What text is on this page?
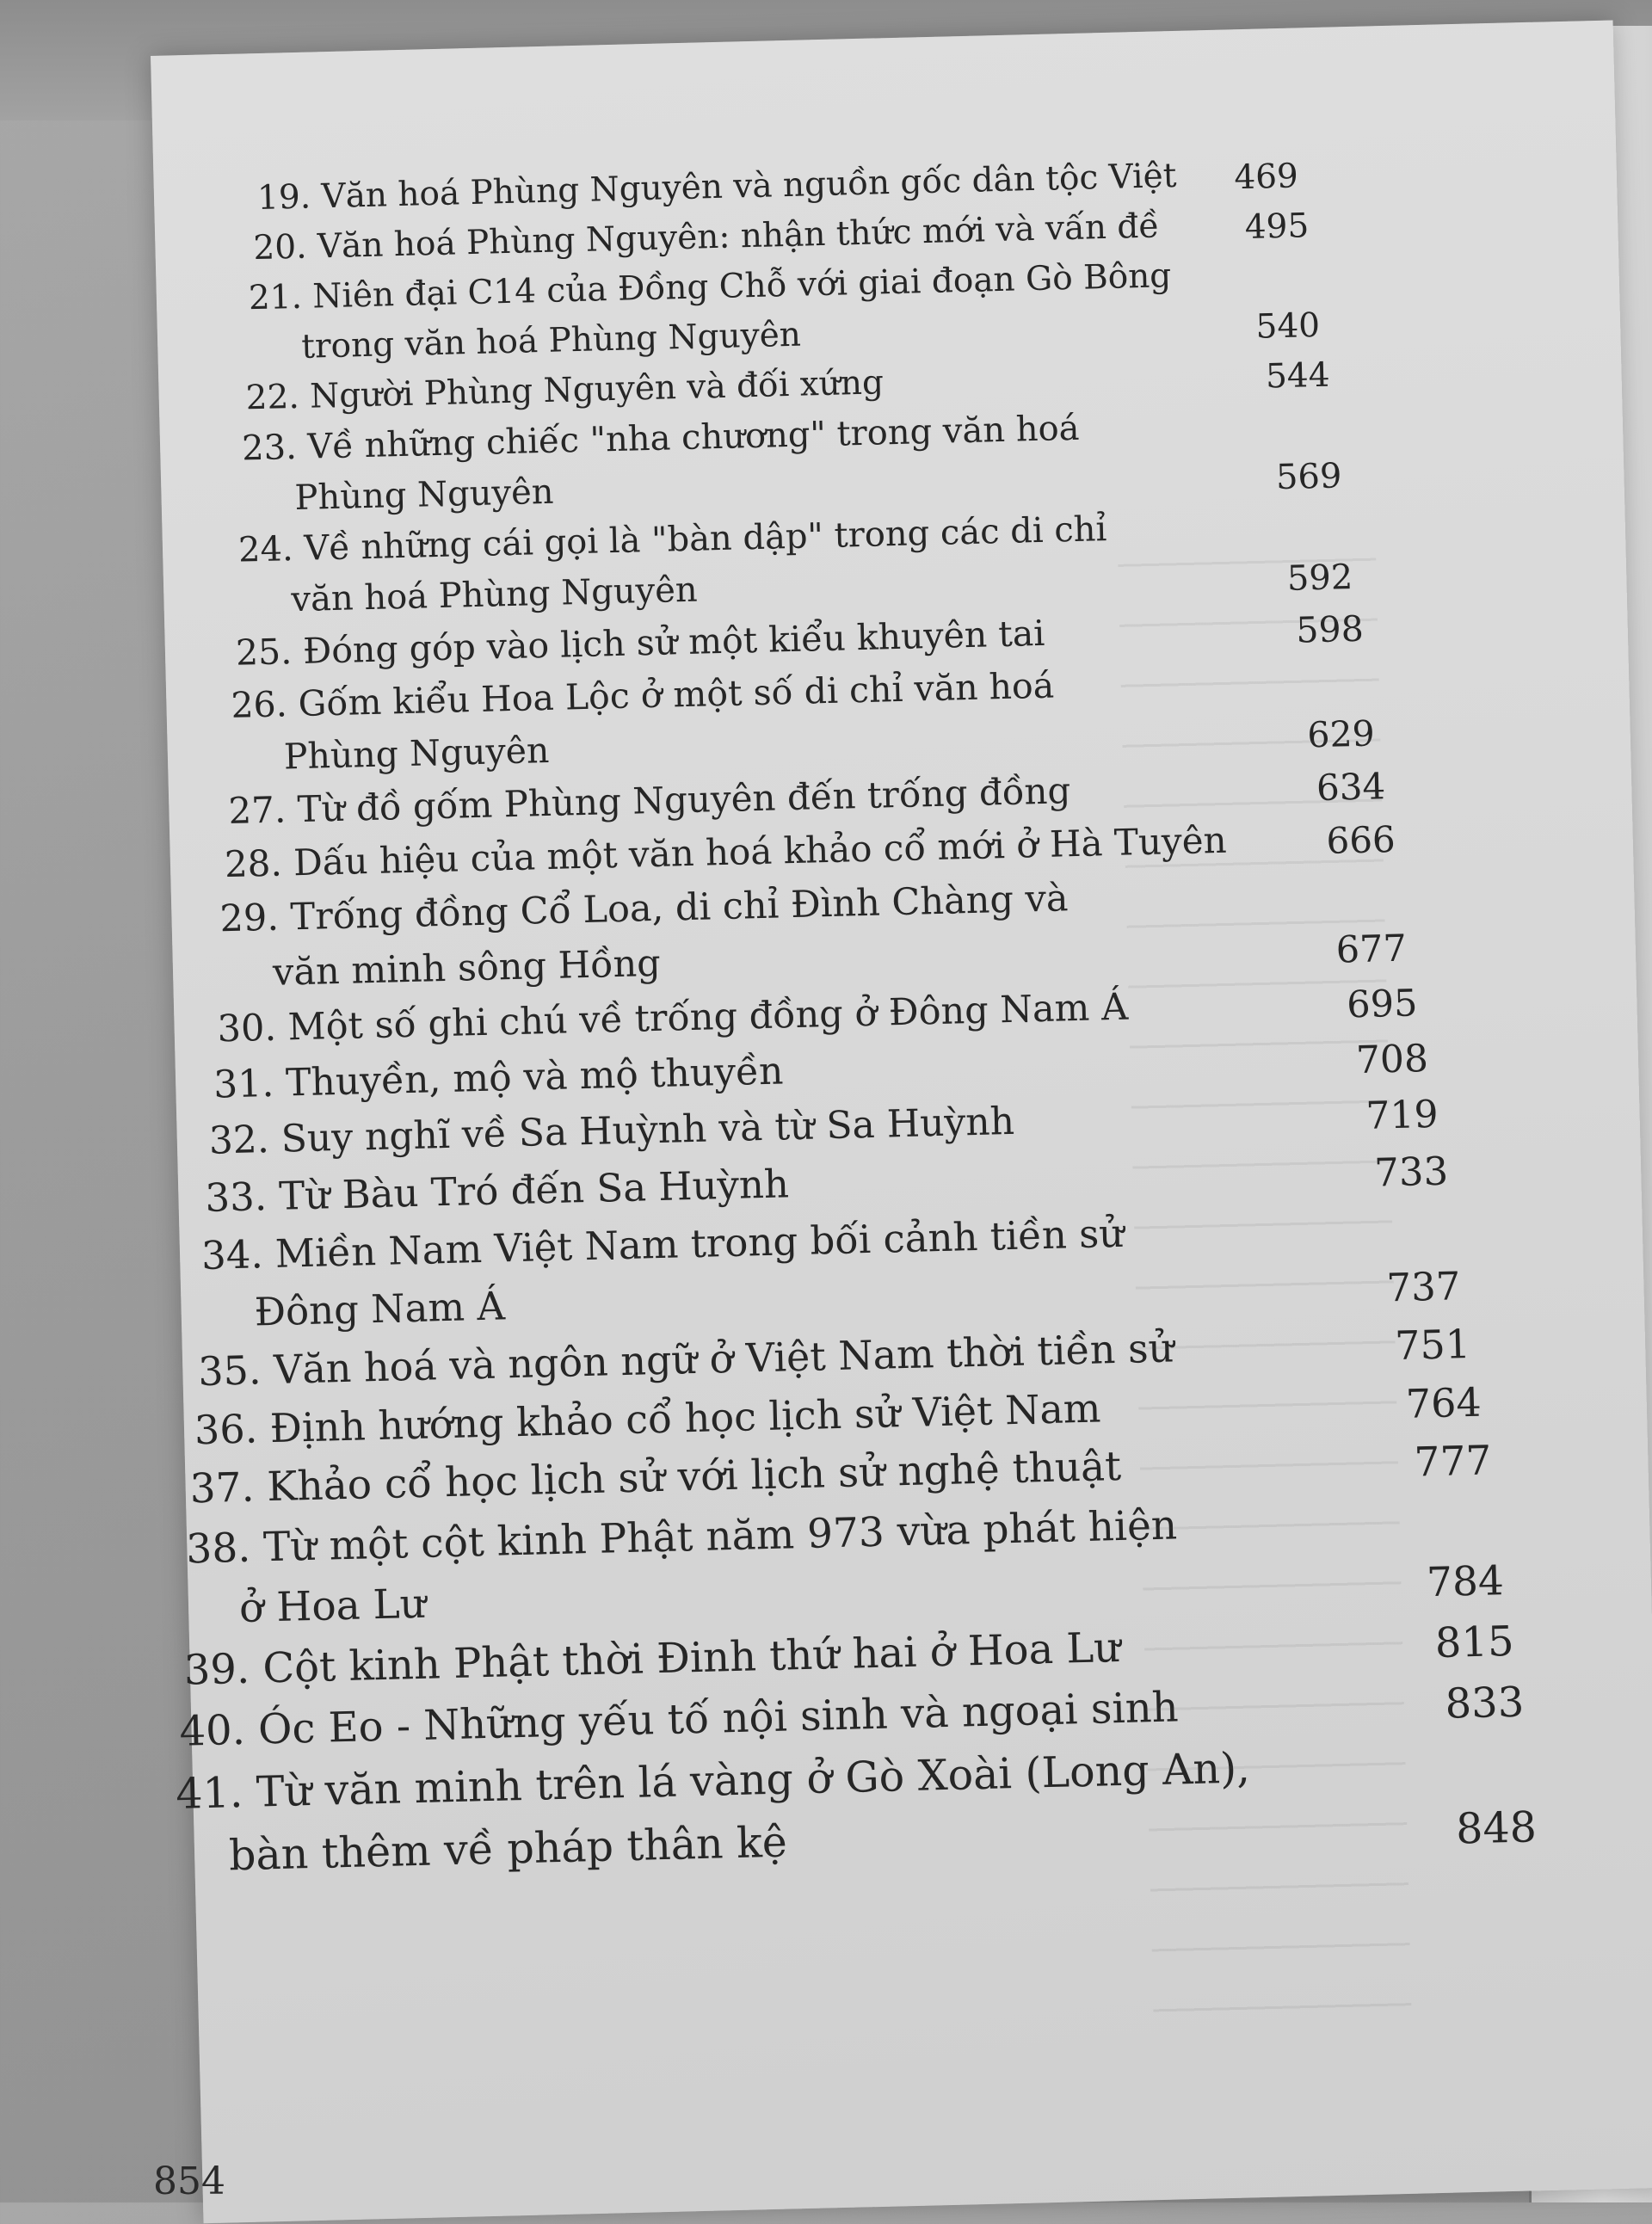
19. Văn hoá Phùng Nguyên và nguồn gốc dân tộc Việt	469
20. Văn hoá Phùng Nguyên: nhận thức mới và vấn đề	495
21. Niên đại C14 của Đồng Chỗ với giai đoạn Gò Bông
trong văn hoá Phùng Nguyên	540
22. Người Phùng Nguyên và đối xứng	544
23. Về những chiếc "nha chương" trong văn hoá
Phùng Nguyên	569
24. Về những cái gọi là "bàn dập" trong các di chỉ
văn hoá Phùng Nguyên	592
25. Đóng góp vào lịch sử một kiểu khuyên tai	598
26. Gốm kiểu Hoa Lộc ở một số di chỉ văn hoá
Phùng Nguyên	629
27. Từ đồ gốm Phùng Nguyên đến trống đồng	634
28. Dấu hiệu của một văn hoá khảo cổ mới ở Hà Tuyên	666
29. Trống đồng Cổ Loa, di chỉ Đình Chàng và
văn minh sông Hồng	677
30. Một số ghi chú về trống đồng ở Đông Nam Á	695
31. Thuyền, mộ và mộ thuyền	708
32. Suy nghĩ về Sa Huỳnh và từ Sa Huỳnh	719
33. Từ Bàu Tró đến Sa Huỳnh	733
34. Miền Nam Việt Nam trong bối cảnh tiền sử
Đông Nam Á	737
35. Văn hoá và ngôn ngữ ở Việt Nam thời tiền sử	751
36. Định hướng khảo cổ học lịch sử Việt Nam	764
37. Khảo cổ học lịch sử với lịch sử nghệ thuật	777
38. Từ một cột kinh Phật năm 973 vừa phát hiện
ở Hoa Lư	784
39. Cột kinh Phật thời Đinh thứ hai ở Hoa Lư	815
40. Óc Eo - Những yếu tố nội sinh và ngoại sinh	833
41. Từ văn minh trên lá vàng ở Gò Xoài (Long An),
bàn thêm về pháp thân kệ	848
854
